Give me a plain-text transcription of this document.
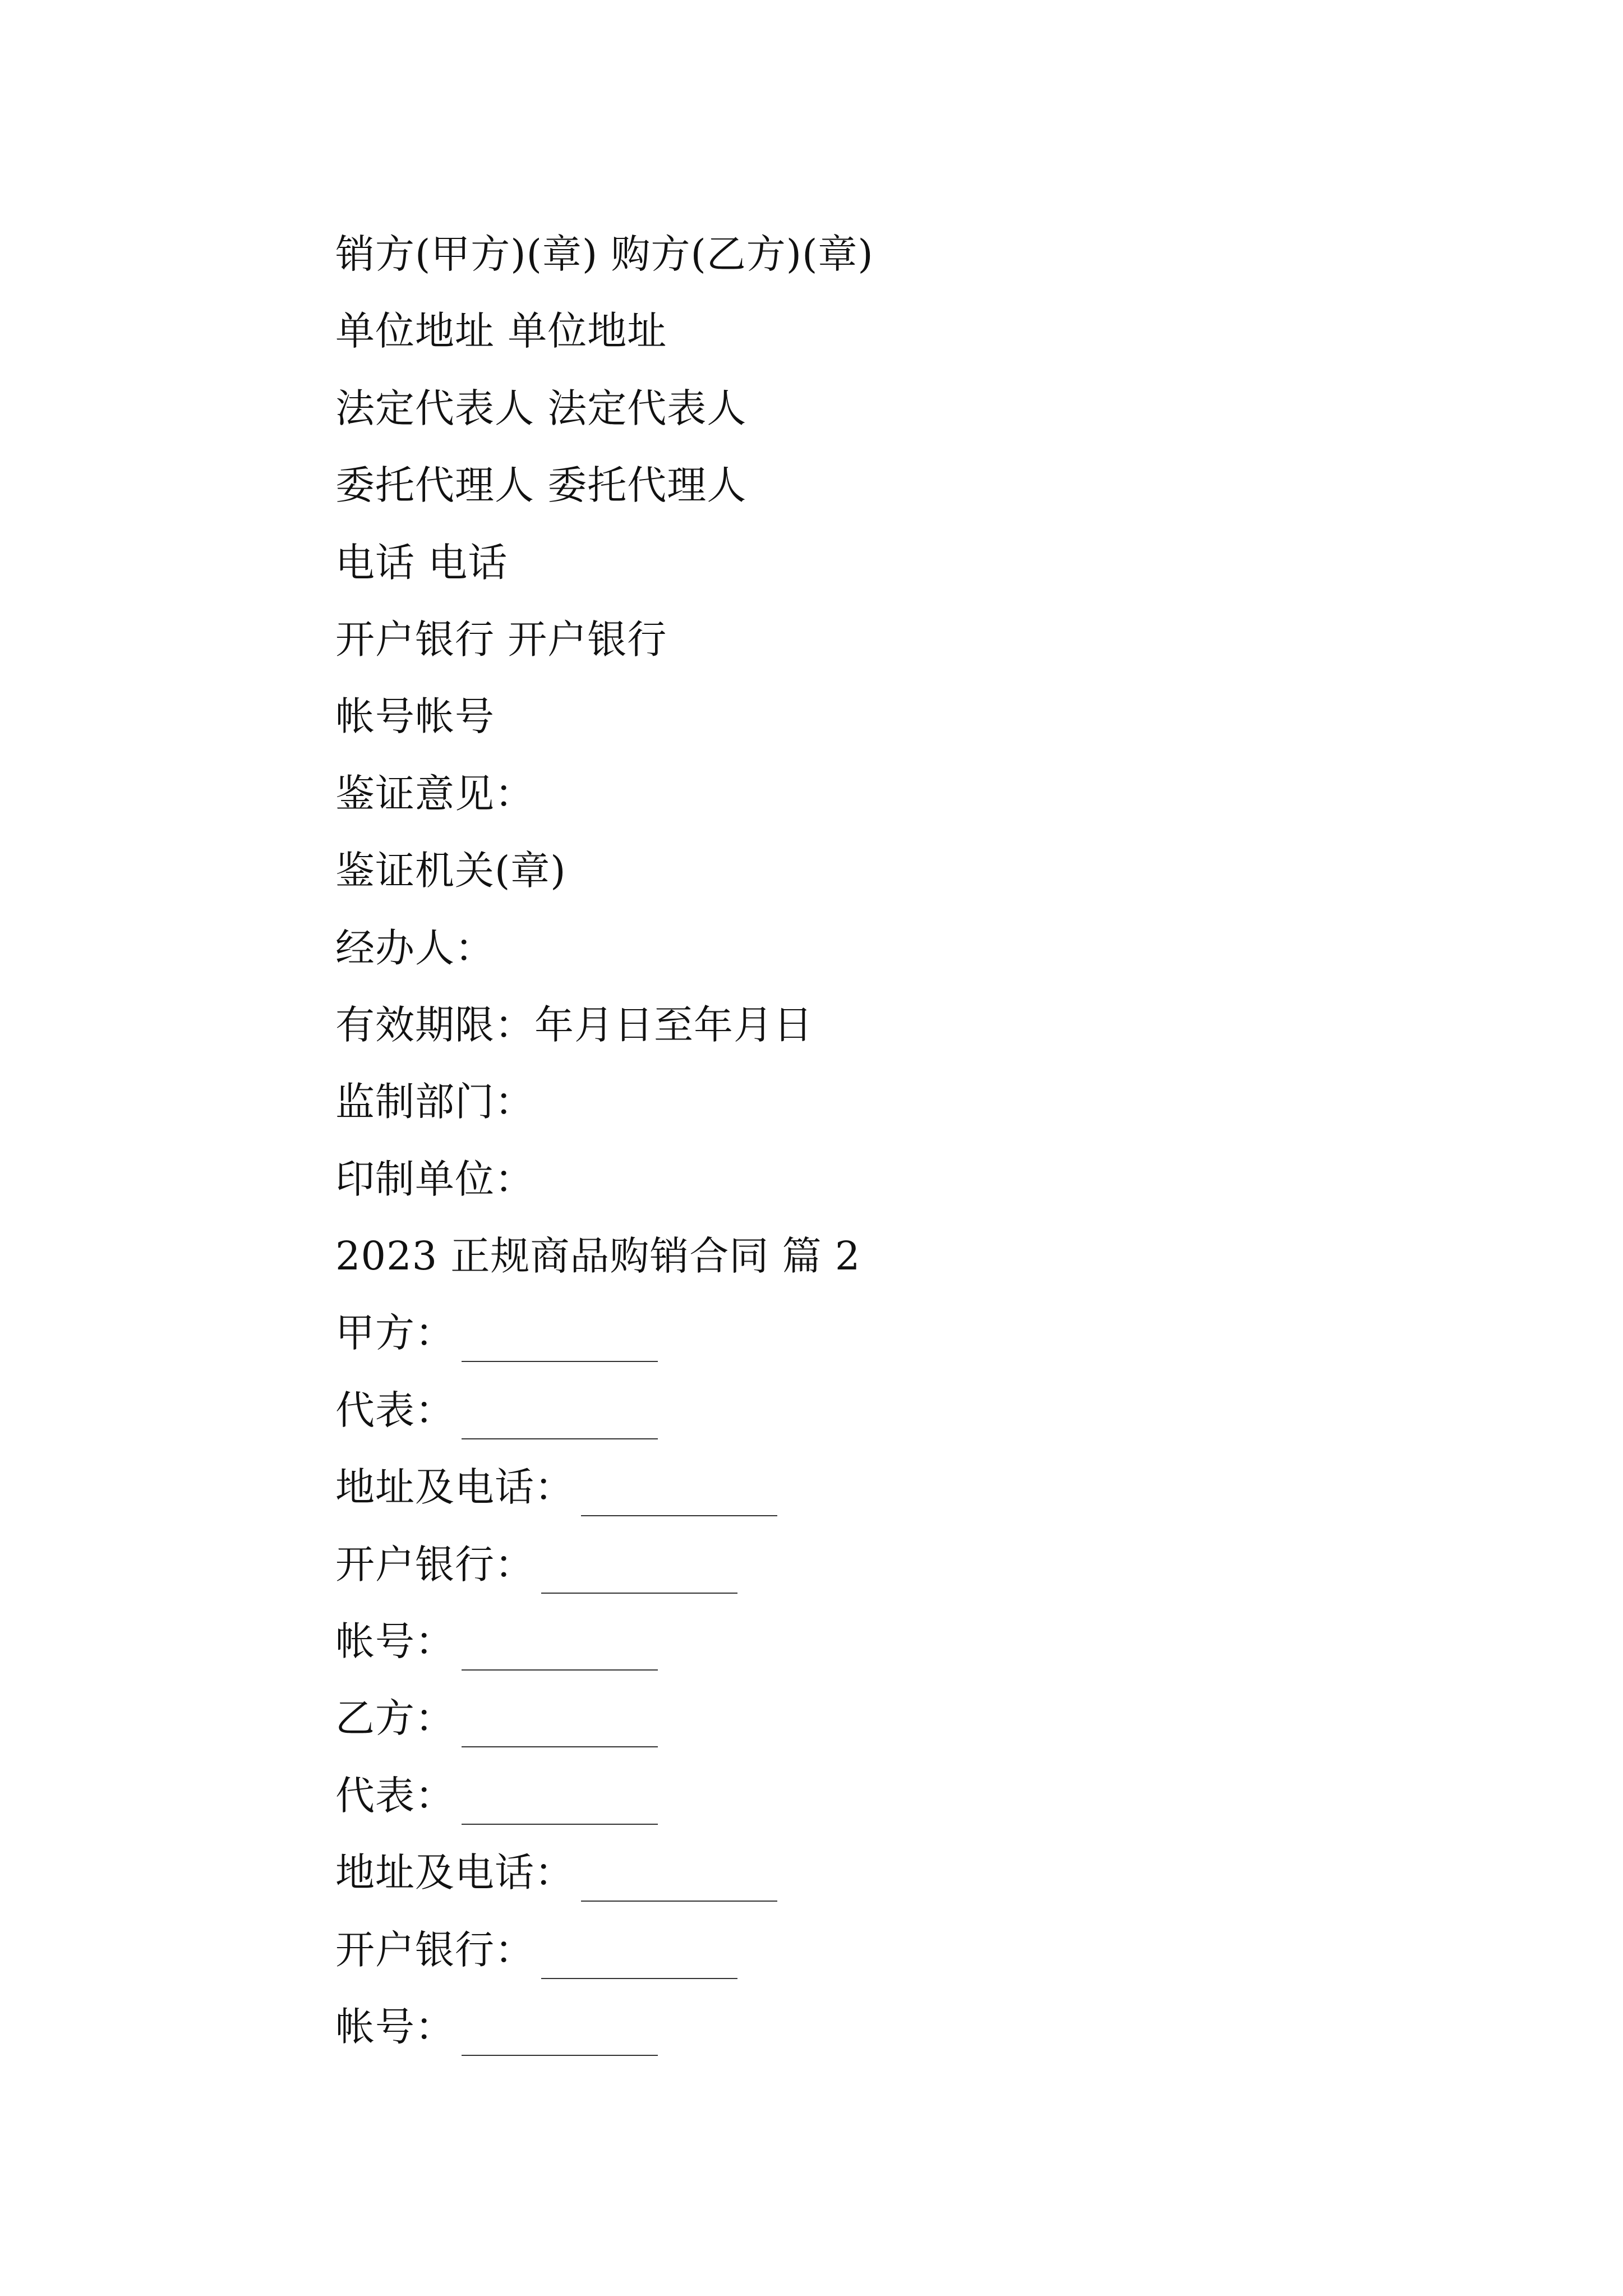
销方(甲方)(章) 购方(乙方)(章)
单位地址 单位地址
法定代表人 法定代表人
委托代理人 委托代理人
电话 电话
开户银行 开户银行
帐号帐号
鉴证意见：
鉴证机关(章)
经办人：
有效期限：年月日至年月日
监制部门：
印制单位：
2023 正规商品购销合同 篇 2
甲方：
代表：
地址及电话：
开户银行：
帐号：
乙方：
代表：
地址及电话：
开户银行：
帐号：
